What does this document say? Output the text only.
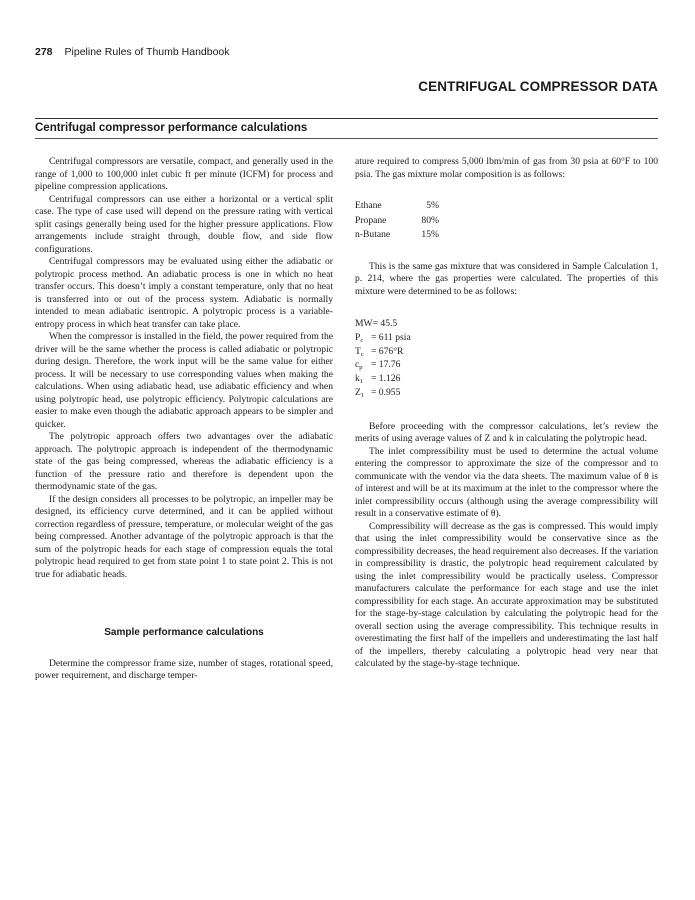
278 Pipeline Rules of Thumb Handbook
CENTRIFUGAL COMPRESSOR DATA
Centrifugal compressor performance calculations

Centrifugal compressors are versatile, compact, and generally used in the range of 1,000 to 100,000 inlet cubic ft per minute (ICFM) for process and pipeline compression applications.

Centrifugal compressors can use either a horizontal or a vertical split case. The type of case used will depend on the pressure rating with vertical split casings generally being used for the higher pressure applications. Flow arrangements include straight through, double flow, and side flow configurations.

Centrifugal compressors may be evaluated using either the adiabatic or polytropic process method. An adiabatic process is one in which no heat transfer occurs. This doesn’t imply a constant temperature, only that no heat is transferred into or out of the process system. Adiabatic is normally intended to mean adiabatic isentropic. A polytropic process is a variable-entropy process in which heat transfer can take place.

When the compressor is installed in the field, the power required from the driver will be the same whether the process is called adiabatic or polytropic during design. Therefore, the work input will be the same value for either process. It will be necessary to use corresponding values when making the calculations. When using adiabatic head, use adiabatic efficiency and when using polytropic head, use polytropic efficiency. Polytropic calculations are easier to make even though the adiabatic approach appears to be simpler and quicker.

The polytropic approach offers two advantages over the adiabatic approach. The polytropic approach is independent of the thermodynamic state of the gas being compressed, whereas the adiabatic efficiency is a function of the pressure ratio and therefore is dependent upon the thermodynamic state of the gas.

If the design considers all processes to be polytropic, an impeller may be designed, its efficiency curve determined, and it can be applied without correction regardless of pressure, temperature, or molecular weight of the gas being compressed. Another advantage of the polytropic approach is that the sum of the polytropic heads for each stage of compression equals the total polytropic head required to get from state point 1 to state point 2. This is not true for adiabatic heads.

Sample performance calculations

Determine the compressor frame size, number of stages, rotational speed, power requirement, and discharge temper-

ature required to compress 5,000 lbm/min of gas from 30 psia at 60°F to 100 psia. The gas mixture molar composition is as follows:

Ethane	5%
Propane	80%
n-Butane	15%

This is the same gas mixture that was considered in Sample Calculation 1, p. 214, where the gas properties were calculated. The properties of this mixture were determined to be as follows:

MW = 45.5
$P_c = 611$ psia
$T_c = 676^\circ R$
$c_p = 17.76$
$k_1 = 1.126$
$Z_1 = 0.955$

Before proceeding with the compressor calculations, let’s review the merits of using average values of Z and k in calculating the polytropic head.

The inlet compressibility must be used to determine the actual volume entering the compressor to approximate the size of the compressor and to communicate with the vendor via the data sheets. The maximum value of θ is of interest and will be at its maximum at the inlet to the compressor where the inlet compressibility occurs (although using the average compressibility will result in a conservative estimate of θ).

Compressibility will decrease as the gas is compressed. This would imply that using the inlet compressibility would be conservative since as the compressibility decreases, the head requirement also decreases. If the variation in compressibility is drastic, the polytropic head requirement calculated by using the inlet compressibility would be practically useless. Compressor manufacturers calculate the performance for each stage and use the inlet compressibility for each stage. An accurate approximation may be substituted for the stage-by-stage calculation by calculating the polytropic head for the overall section using the average compressibility. This technique results in overestimating the first half of the impellers and underestimating the last half of the impellers, thereby calculating a polytropic head very near that calculated by the stage-by-stage technique.
